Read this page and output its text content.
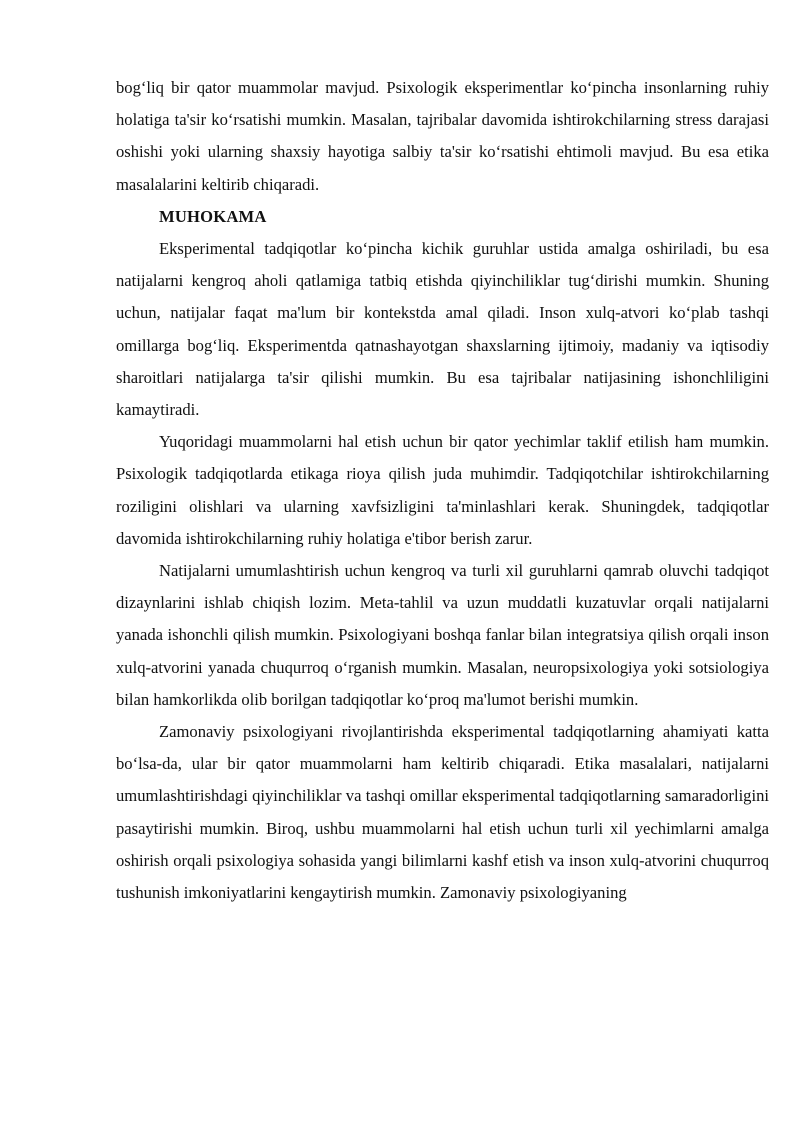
bog‘liq bir qator muammolar mavjud. Psixologik eksperimentlar ko‘pincha insonlarning ruhiy holatiga ta'sir ko‘rsatishi mumkin. Masalan, tajribalar davomida ishtirokchilarning stress darajasi oshishi yoki ularning shaxsiy hayotiga salbiy ta'sir ko‘rsatishi ehtimoli mavjud. Bu esa etika masalalarini keltirib chiqaradi.

MUHOKAMA

Eksperimental tadqiqotlar ko‘pincha kichik guruhlar ustida amalga oshiriladi, bu esa natijalarni kengroq aholi qatlamiga tatbiq etishda qiyinchiliklar tug‘dirishi mumkin. Shuning uchun, natijalar faqat ma'lum bir kontekstda amal qiladi. Inson xulq-atvori ko‘plab tashqi omillarga bog‘liq. Eksperimentda qatnashayotgan shaxslarning ijtimoiy, madaniy va iqtisodiy sharoitlari natijalarga ta'sir qilishi mumkin. Bu esa tajribalar natijasining ishonchliligini kamaytiradi.

Yuqoridagi muammolarni hal etish uchun bir qator yechimlar taklif etilish ham mumkin. Psixologik tadqiqotlarda etikaga rioya qilish juda muhimdir. Tadqiqotchilar ishtirokchilarning roziligini olishlari va ularning xavfsizligini ta'minlashlari kerak. Shuningdek, tadqiqotlar davomida ishtirokchilarning ruhiy holatiga e'tibor berish zarur.

Natijalarni umumlashtirish uchun kengroq va turli xil guruhlarni qamrab oluvchi tadqiqot dizaynlarini ishlab chiqish lozim. Meta-tahlil va uzun muddatli kuzatuvlar orqali natijalarni yanada ishonchli qilish mumkin. Psixologiyani boshqa fanlar bilan integratsiya qilish orqali inson xulq-atvorini yanada chuqurroq o‘rganish mumkin. Masalan, neuropsixologiya yoki sotsiologiya bilan hamkorlikda olib borilgan tadqiqotlar ko‘proq ma'lumot berishi mumkin.

Zamonaviy psixologiyani rivojlantirishda eksperimental tadqiqotlarning ahamiyati katta bo‘lsa-da, ular bir qator muammolarni ham keltirib chiqaradi. Etika masalalari, natijalarni umumlashtirishdagi qiyinchiliklar va tashqi omillar eksperimental tadqiqotlarning samaradorligini pasaytirishi mumkin. Biroq, ushbu muammolarni hal etish uchun turli xil yechimlarni amalga oshirish orqali psixologiya sohasida yangi bilimlarni kashf etish va inson xulq-atvorini chuqurroq tushunish imkoniyatlarini kengaytirish mumkin. Zamonaviy psixologiyaning
